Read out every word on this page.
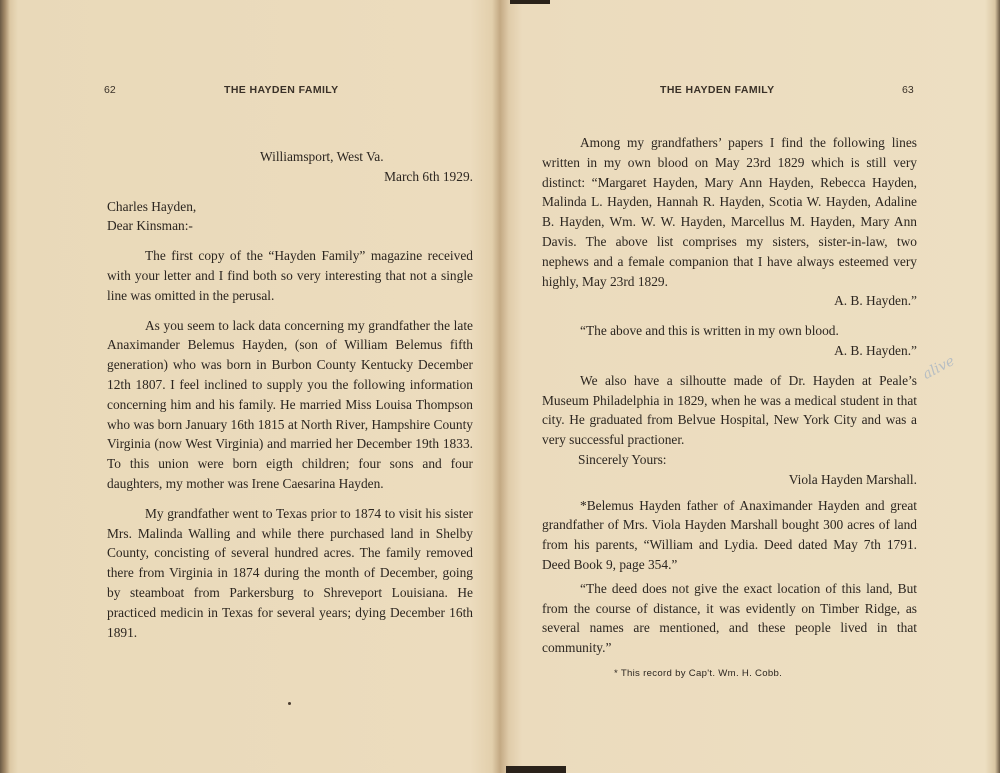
62	THE HAYDEN FAMILY

Williamsport, West Va.

March 6th 1929.

Charles Hayden,

Dear Kinsman:-

The first copy of the “Hayden Family” magazine received with your letter and I find both so very interesting that not a single line was omitted in the perusal.

As you seem to lack data concerning my grandfather the late Anaximander Belemus Hayden, (son of William Belemus fifth generation) who was born in Burbon County Kentucky December 12th 1807. I feel inclined to supply you the following information concerning him and his family. He married Miss Louisa Thompson who was born January 16th 1815 at North River, Hampshire County Virginia (now West Virginia) and married her December 19th 1833. To this union were born eigth children; four sons and four daughters, my mother was Irene Caesarina Hayden.

My grandfather went to Texas prior to 1874 to visit his sister Mrs. Malinda Walling and while there purchased land in Shelby County, concisting of several hundred acres. The family removed there from Virginia in 1874 during the month of December, going by steamboat from Parkersburg to Shreveport Louisiana. He practiced medicin in Texas for several years; dying December 16th 1891.

THE HAYDEN FAMILY	63

Among my grandfathers’ papers I find the following lines written in my own blood on May 23rd 1829 which is still very distinct: “Margaret Hayden, Mary Ann Hayden, Rebecca Hayden, Malinda L. Hayden, Hannah R. Hayden, Scotia W. Hayden, Adaline B. Hayden, Wm. W. W. Hayden, Marcellus M. Hayden, Mary Ann Davis. The above list comprises my sisters, sister-in-law, two nephews and a female companion that I have always esteemed very highly, May 23rd 1829.

A. B. Hayden.”

“The above and this is written in my own blood.

A. B. Hayden.”

We also have a silhoutte made of Dr. Hayden at Peale’s Museum Philadelphia in 1829, when he was a medical student in that city. He graduated from Belvue Hospital, New York City and was a very successful practioner.

Sincerely Yours:

Viola Hayden Marshall.

*Belemus Hayden father of Anaximander Hayden and great grandfather of Mrs. Viola Hayden Marshall bought 300 acres of land from his parents, “William and Lydia. Deed dated May 7th 1791. Deed Book 9, page 354.”

“The deed does not give the exact location of this land, But from the course of distance, it was evidently on Timber Ridge, as several names are mentioned, and these people lived in that community.”

* This record by Cap't. Wm. H. Cobb.

alive
